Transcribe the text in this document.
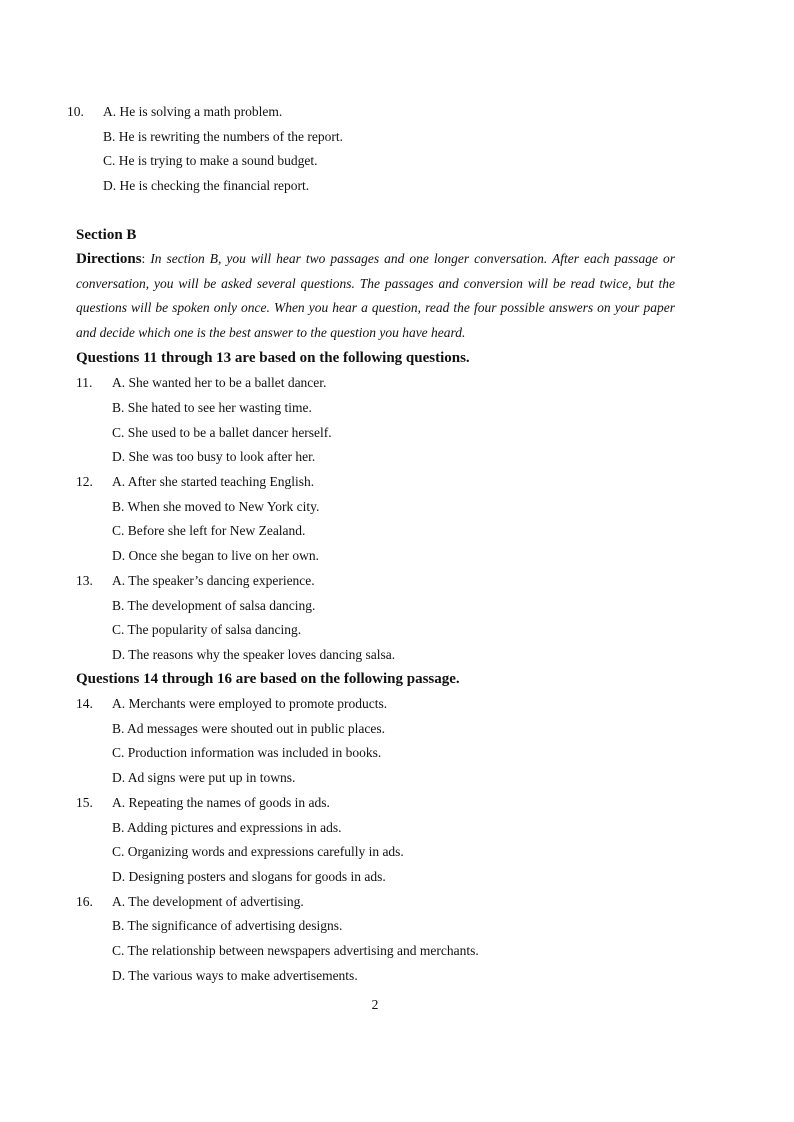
10. A. He is solving a math problem.
B. He is rewriting the numbers of the report.
C. He is trying to make a sound budget.
D. He is checking the financial report.
Section B
Directions: In section B, you will hear two passages and one longer conversation. After each passage or conversation, you will be asked several questions. The passages and conversion will be read twice, but the questions will be spoken only once. When you hear a question, read the four possible answers on your paper and decide which one is the best answer to the question you have heard.
Questions 11 through 13 are based on the following questions.
11. A. She wanted her to be a ballet dancer.
B. She hated to see her wasting time.
C. She used to be a ballet dancer herself.
D. She was too busy to look after her.
12. A. After she started teaching English.
B. When she moved to New York city.
C. Before she left for New Zealand.
D. Once she began to live on her own.
13. A. The speaker’s dancing experience.
B. The development of salsa dancing.
C. The popularity of salsa dancing.
D. The reasons why the speaker loves dancing salsa.
Questions 14 through 16 are based on the following passage.
14. A. Merchants were employed to promote products.
B. Ad messages were shouted out in public places.
C. Production information was included in books.
D. Ad signs were put up in towns.
15. A. Repeating the names of goods in ads.
B. Adding pictures and expressions in ads.
C. Organizing words and expressions carefully in ads.
D. Designing posters and slogans for goods in ads.
16. A. The development of advertising.
B. The significance of advertising designs.
C. The relationship between newspapers advertising and merchants.
D. The various ways to make advertisements.
2
